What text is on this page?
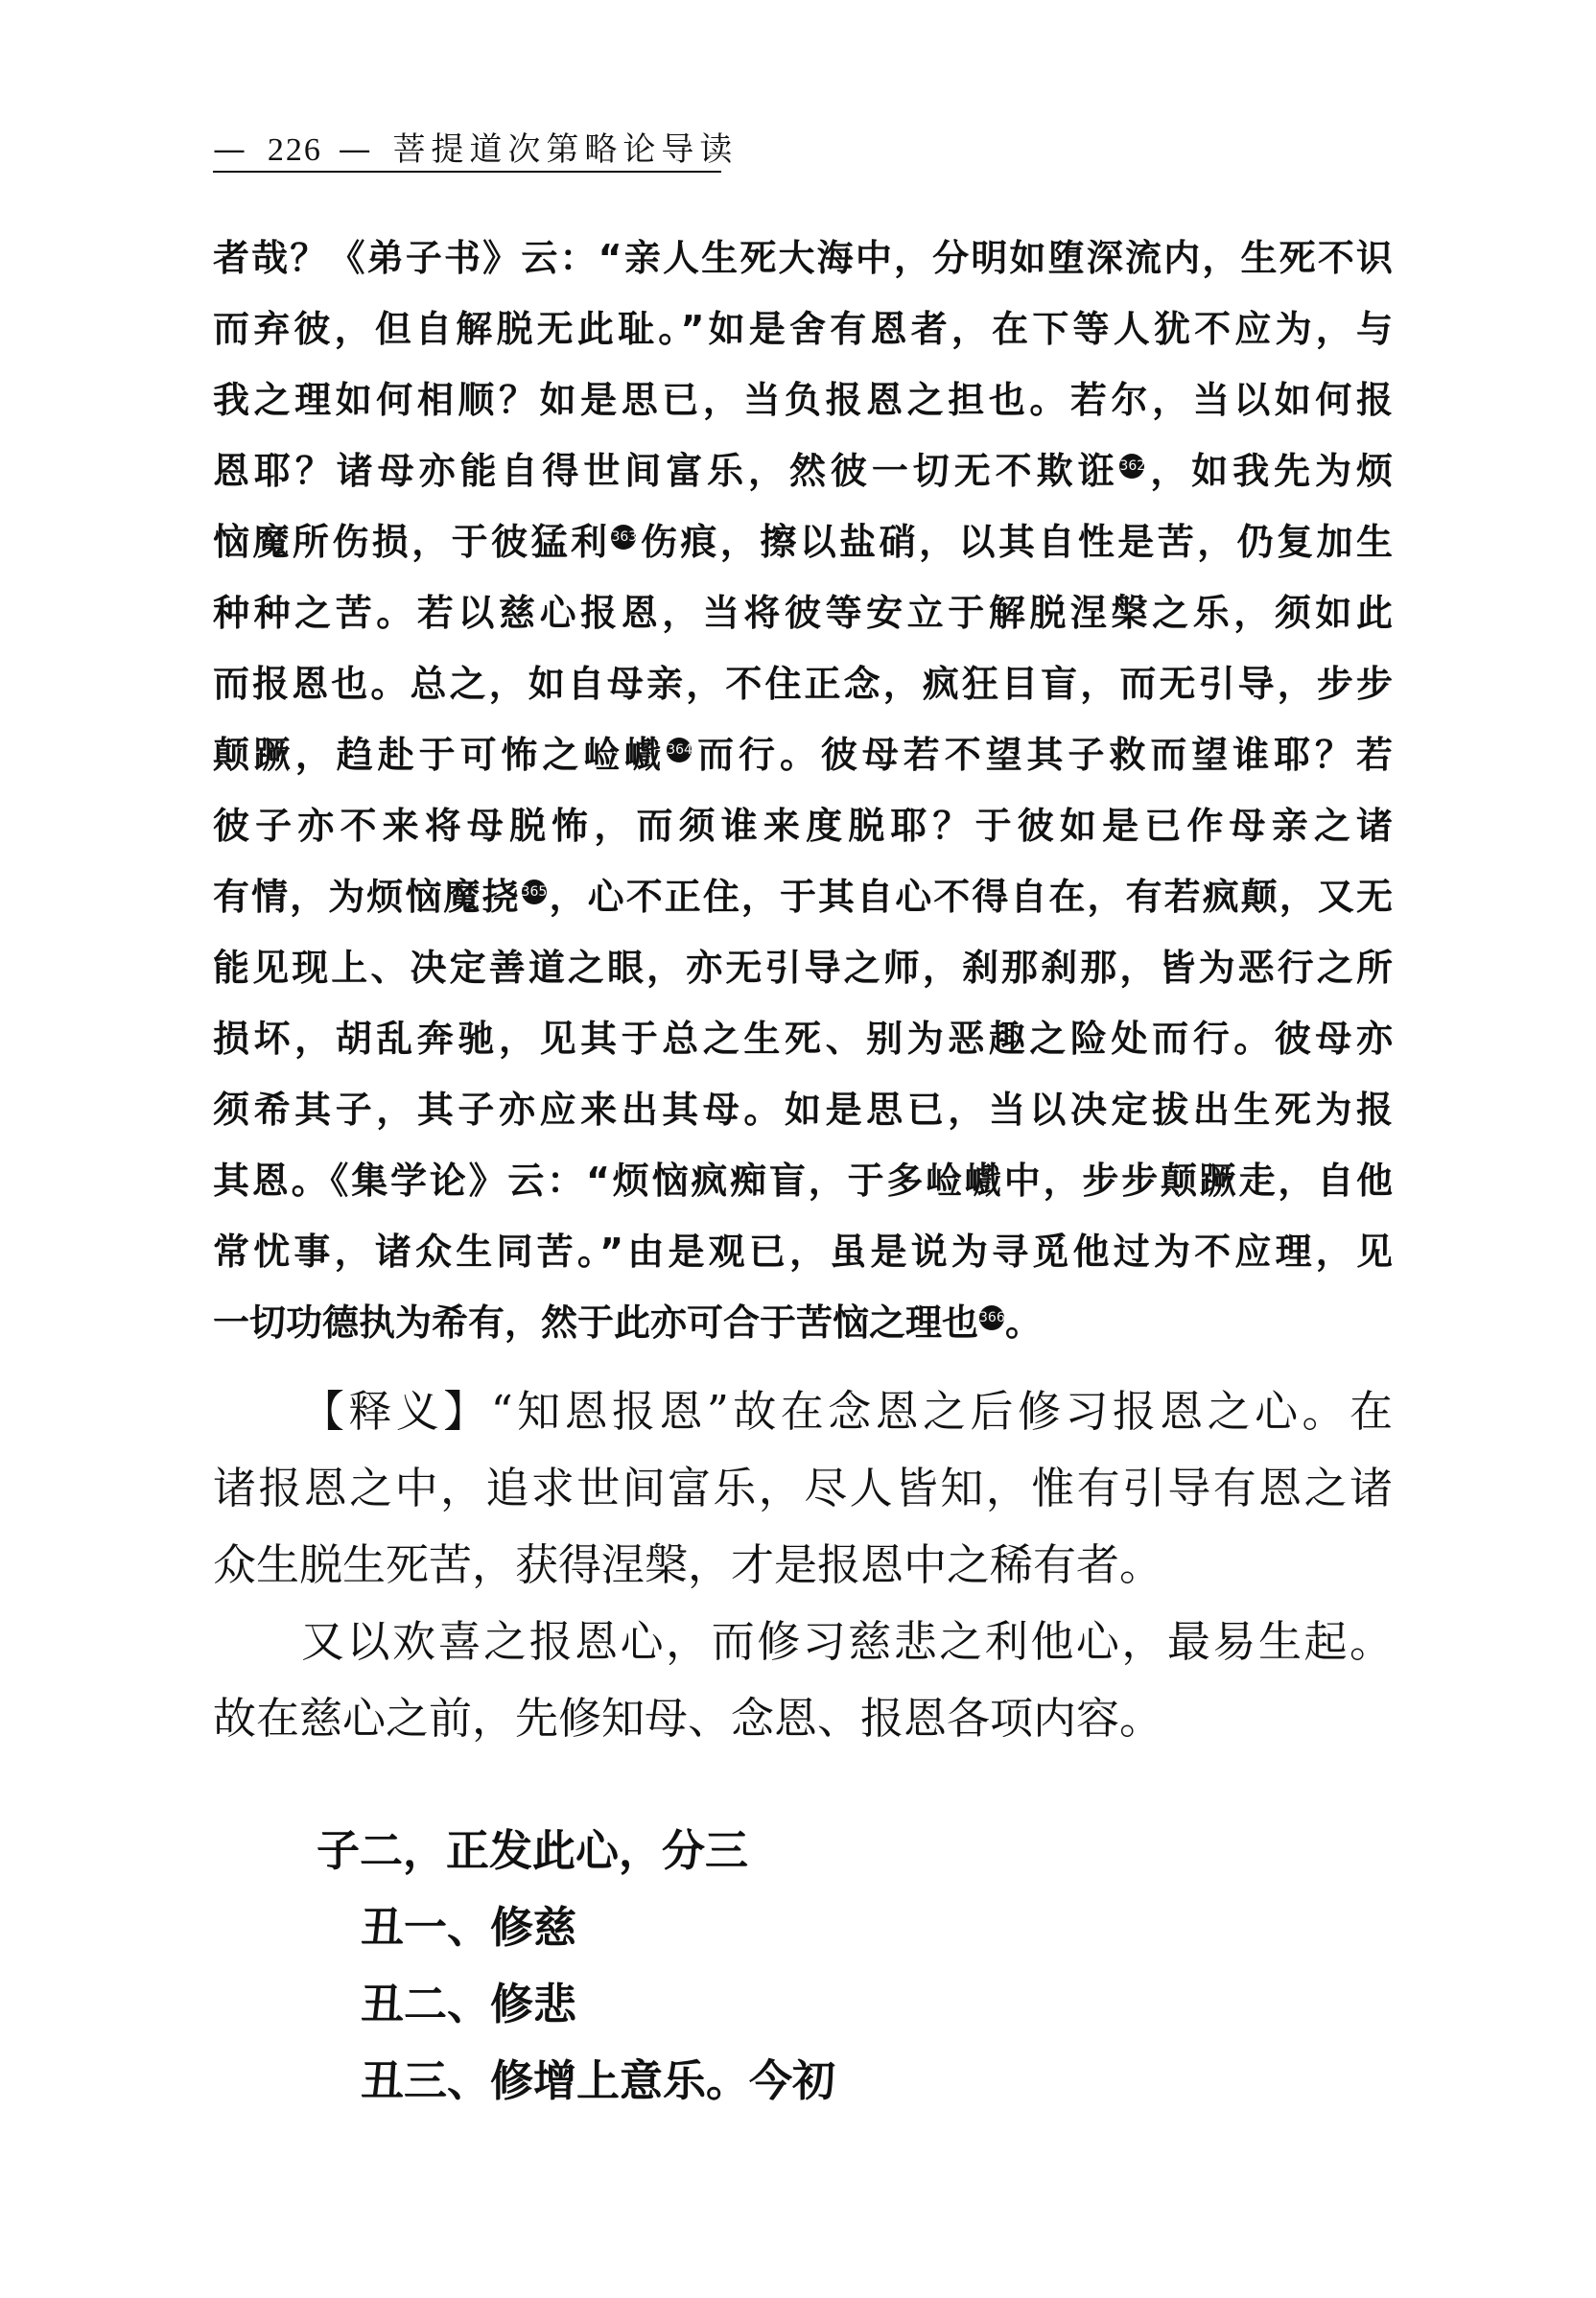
— 226 — 菩提道次第略论导读
者哉？《弟子书》云：“亲人生死大海中，分明如堕深流内，生死不识
而弃彼，但自解脱无此耻。”如是舍有恩者，在下等人犹不应为，与
我之理如何相顺？如是思已，当负报恩之担也。若尔，当以如何报
恩耶？诸母亦能自得世间富乐，然彼一切无不欺诳362，如我先为烦
恼魔所伤损，于彼猛利363伤痕，擦以盐硝，以其自性是苦，仍复加生
种种之苦。若以慈心报恩，当将彼等安立于解脱涅槃之乐，须如此
而报恩也。总之，如自母亲，不住正念，疯狂目盲，而无引导，步步
颠蹶，趋赴于可怖之崄巇364而行。彼母若不望其子救而望谁耶？若
彼子亦不来将母脱怖，而须谁来度脱耶？于彼如是已作母亲之诸
有情，为烦恼魔挠365，心不正住，于其自心不得自在，有若疯颠，又无
能见现上、决定善道之眼，亦无引导之师，刹那刹那，皆为恶行之所
损坏，胡乱奔驰，见其于总之生死、别为恶趣之险处而行。彼母亦
须希其子，其子亦应来出其母。如是思已，当以决定拔出生死为报
其恩。《集学论》云：“烦恼疯痴盲，于多崄巇中，步步颠蹶走，自他
常忧事，诸众生同苦。”由是观已，虽是说为寻觅他过为不应理，见
一切功德执为希有，然于此亦可合于苦恼之理也366。
【释义】“知恩报恩”故在念恩之后修习报恩之心。在
诸报恩之中，追求世间富乐，尽人皆知，惟有引导有恩之诸
众生脱生死苦，获得涅槃，才是报恩中之稀有者。
又以欢喜之报恩心，而修习慈悲之利他心，最易生起。
故在慈心之前，先修知母、念恩、报恩各项内容。
子二，正发此心，分三
丑一、修慈
丑二、修悲
丑三、修增上意乐。今初
